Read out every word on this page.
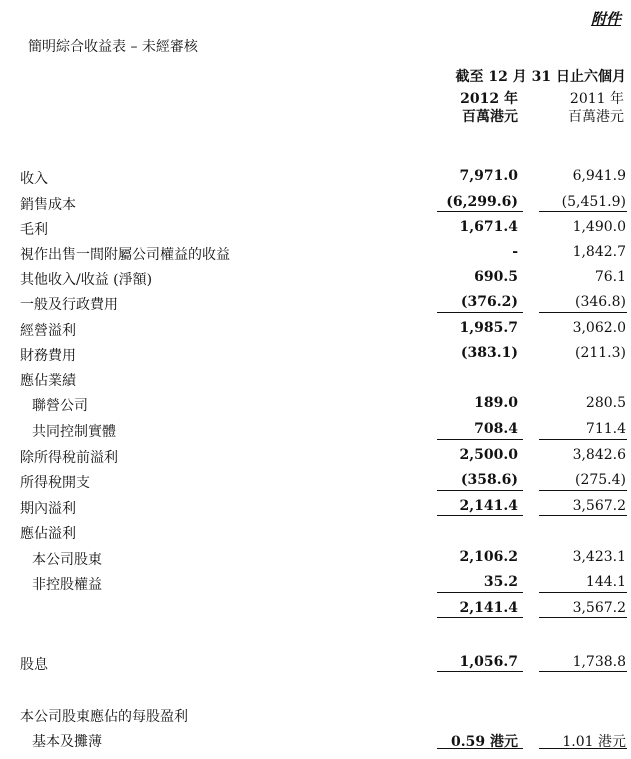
附件
簡明綜合收益表 – 未經審核
截至 12 月 31 日止六個月
2012 年
百萬港元
2011 年
百萬港元
收入	7,971.0	6,941.9
銷售成本	(6,299.6)	(5,451.9)
毛利	1,671.4	1,490.0
視作出售一間附屬公司權益的收益	-	1,842.7
其他收入/收益 (淨額)	690.5	76.1
一般及行政費用	(376.2)	(346.8)
經營溢利	1,985.7	3,062.0
財務費用	(383.1)	(211.3)
應佔業績
聯營公司	189.0	280.5
共同控制實體	708.4	711.4
除所得稅前溢利	2,500.0	3,842.6
所得稅開支	(358.6)	(275.4)
期內溢利	2,141.4	3,567.2
應佔溢利
本公司股東	2,106.2	3,423.1
非控股權益	35.2	144.1
2,141.4	3,567.2
股息	1,056.7	1,738.8
本公司股東應佔的每股盈利
基本及攤薄	0.59 港元	1.01 港元
